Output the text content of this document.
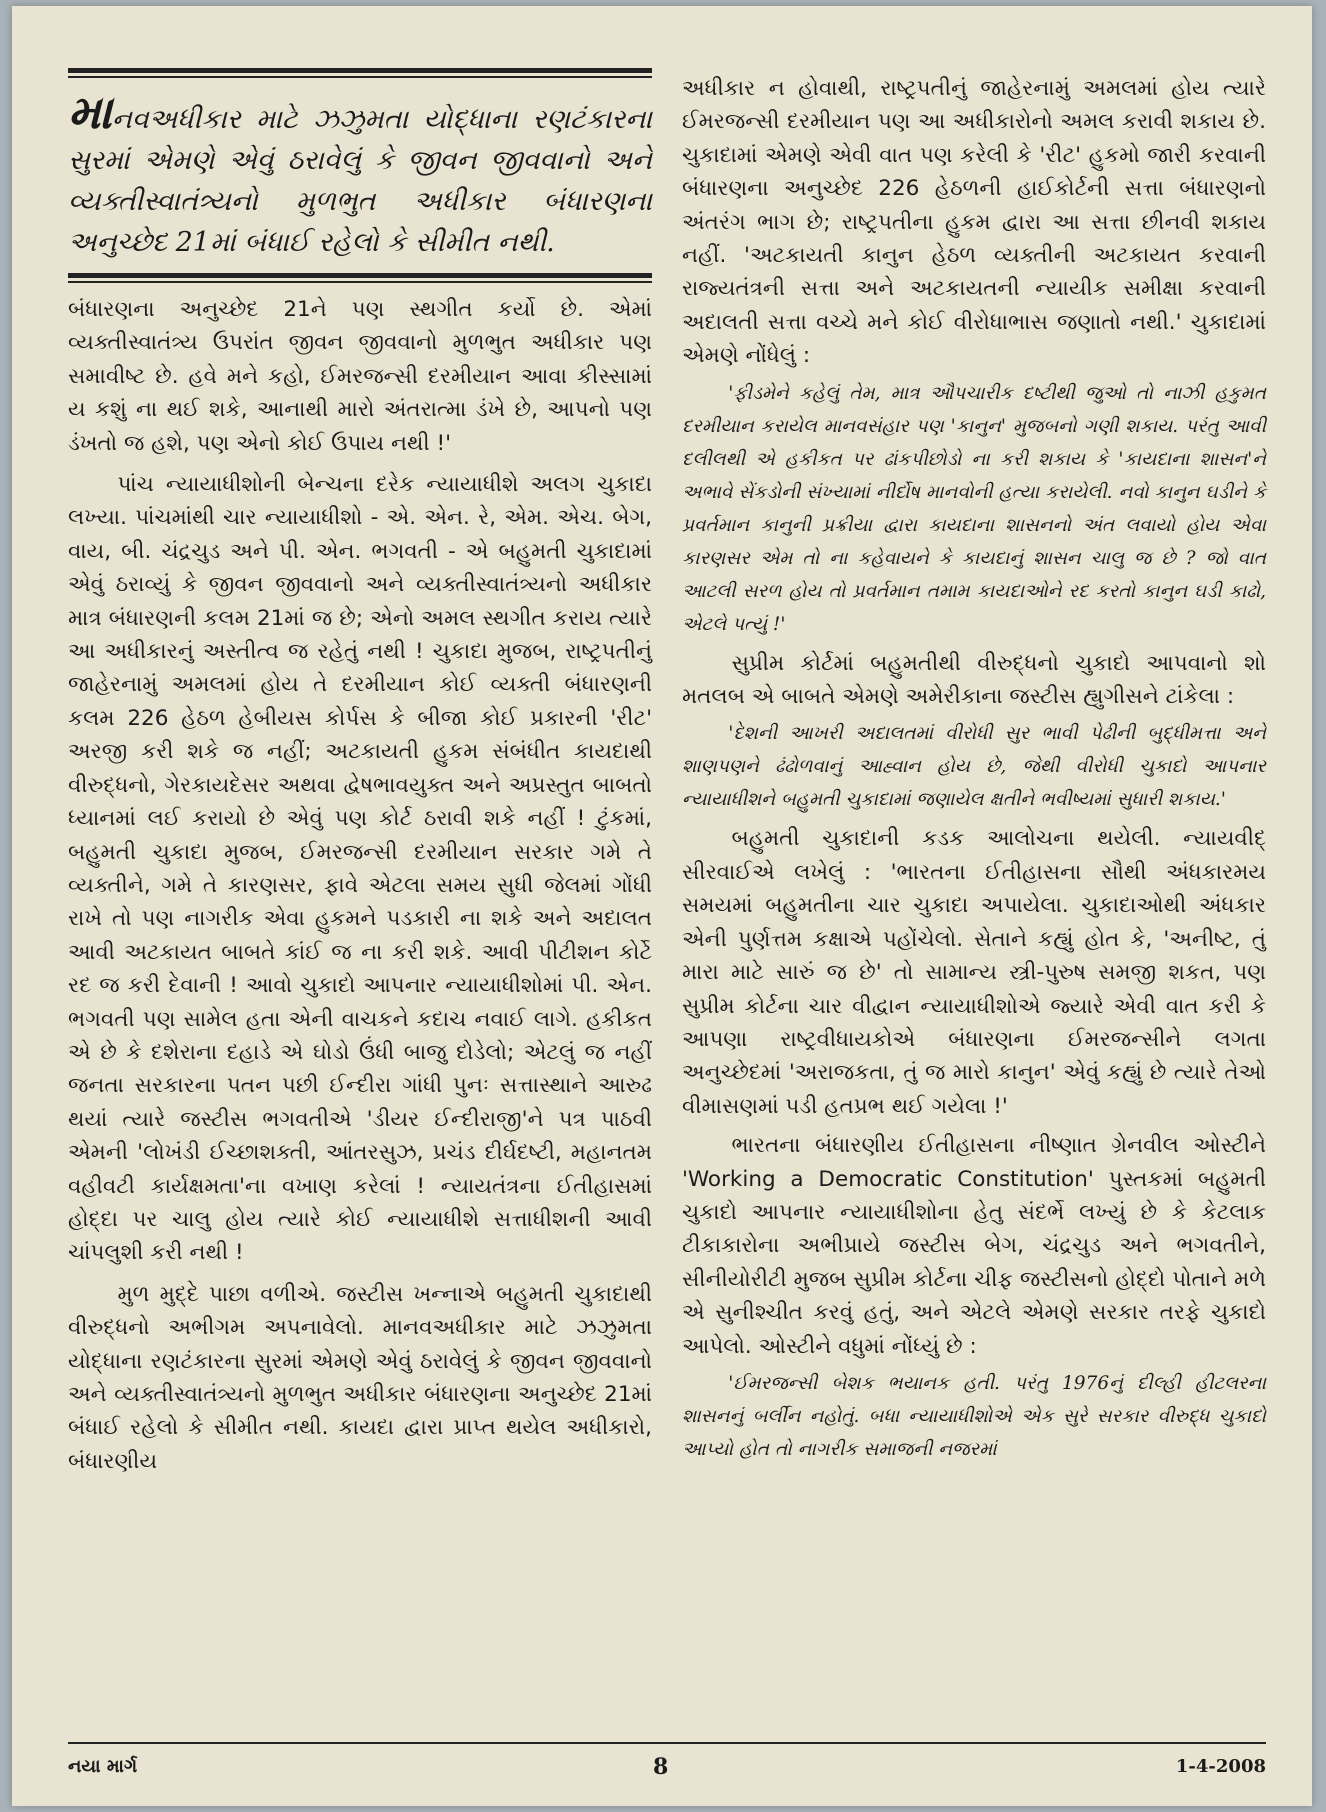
માનવઅધીકાર માટે ઝઝુમતા યોદ્ધાના રણટંકારના સુરમાં એમણે એવું ઠરાવેલું કે જીવન જીવવાનો અને વ્યક્તીસ્વાતંત્ર્યનો મુળભુત અધીકાર બંધારણના અનુચ્છેદ 21માં બંધાઈ રહેલો કે સીમીત નથી.

બંધારણના અનુચ્છેદ 21ને પણ સ્થગીત કર્યો છે. એમાં વ્યક્તીસ્વાતંત્ર્ય ઉપરાંત જીવન જીવવાનો મુળભુત અધીકાર પણ સમાવીષ્ટ છે. હવે મને કહો, ઈમરજન્સી દરમીયાન આવા કીસ્સામાં ય કશું ના થઈ શકે, આનાથી મારો અંતરાત્મા ડંખે છે, આપનો પણ ડંખતો જ હશે, પણ એનો કોઈ ઉપાય નથી !'

પાંચ ન્યાયાધીશોની બેન્ચના દરેક ન્યાયાધીશે અલગ ચુકાદા લખ્યા. પાંચમાંથી ચાર ન્યાયાધીશો - એ. એન. રે, એમ. એચ. બેગ, વાય, બી. ચંદ્રચુડ અને પી. એન. ભગવતી - એ બહુમતી ચુકાદામાં એવું ઠરાવ્યું કે જીવન જીવવાનો અને વ્યક્તીસ્વાતંત્ર્યનો અધીકાર માત્ર બંધારણની કલમ 21માં જ છે; એનો અમલ સ્થગીત કરાય ત્યારે આ અધીકારનું અસ્તીત્વ જ રહેતું નથી ! ચુકાદા મુજબ, રાષ્ટ્રપતીનું જાહેરનામું અમલમાં હોય તે દરમીયાન કોઈ વ્યક્તી બંધારણની કલમ 226 હેઠળ હેબીયસ કોર્પસ કે બીજા કોઈ પ્રકારની 'રીટ' અરજી કરી શકે જ નહીં; અટકાયતી હુકમ સંબંધીત કાયદાથી વીરુદ્ધનો, ગેરકાયદેસર અથવા દ્વેષભાવયુક્ત અને અપ્રસ્તુત બાબતો ધ્યાનમાં લઈ કરાયો છે એવું પણ કોર્ટ ઠરાવી શકે નહીં ! ટુંકમાં, બહુમતી ચુકાદા મુજબ, ઈમરજન્સી દરમીયાન સરકાર ગમે તે વ્યક્તીને, ગમે તે કારણસર, ફાવે એટલા સમય સુધી જેલમાં ગોંધી રાખે તો પણ નાગરીક એવા હુકમને પડકારી ના શકે અને અદાલત આવી અટકાયત બાબતે કાંઈ જ ના કરી શકે. આવી પીટીશન કોર્ટે રદ જ કરી દેવાની ! આવો ચુકાદો આપનાર ન્યાયાધીશોમાં પી. એન. ભગવતી પણ સામેલ હતા એની વાચકને કદાચ નવાઈ લાગે. હકીકત એ છે કે દશેરાના દહાડે એ ઘોડો ઉંધી બાજુ દોડેલો; એટલું જ નહીં જનતા સરકારના પતન પછી ઈન્દીરા ગાંધી પુનઃ સત્તાસ્થાને આરુઢ થયાં ત્યારે જસ્ટીસ ભગવતીએ 'ડીયર ઈન્દીરાજી'ને પત્ર પાઠવી એમની 'લોખંડી ઈચ્છાશક્તી, આંતરસુઝ, પ્રચંડ દીર્ઘદષ્ટી, મહાનતમ વહીવટી કાર્યક્ષમતા'ના વખાણ કરેલાં ! ન્યાયતંત્રના ઈતીહાસમાં હોદ્દા પર ચાલુ હોય ત્યારે કોઈ ન્યાયાધીશે સત્તાધીશની આવી ચાંપલુશી કરી નથી !

મુળ મુદ્દે પાછા વળીએ. જસ્ટીસ ખન્નાએ બહુમતી ચુકાદાથી વીરુદ્ધનો અભીગમ અપનાવેલો. માનવઅધીકાર માટે ઝઝુમતા યોદ્ધાના રણટંકારના સુરમાં એમણે એવું ઠરાવેલું કે જીવન જીવવાનો અને વ્યક્તીસ્વાતંત્ર્યનો મુળભુત અધીકાર બંધારણના અનુચ્છેદ 21માં બંધાઈ રહેલો કે સીમીત નથી. કાયદા દ્વારા પ્રાપ્ત થયેલ અધીકારો, બંધારણીય

અધીકાર ન હોવાથી, રાષ્ટ્રપતીનું જાહેરનામું અમલમાં હોય ત્યારે ઈમરજન્સી દરમીયાન પણ આ અધીકારોનો અમલ કરાવી શકાય છે. ચુકાદામાં એમણે એવી વાત પણ કરેલી કે 'રીટ' હુકમો જારી કરવાની બંધારણના અનુચ્છેદ 226 હેઠળની હાઈકોર્ટની સત્તા બંધારણનો અંતરંગ ભાગ છે; રાષ્ટ્રપતીના હુકમ દ્વારા આ સત્તા છીનવી શકાય નહીં. 'અટકાયતી કાનુન હેઠળ વ્યક્તીની અટકાયત કરવાની રાજ્યતંત્રની સત્તા અને અટકાયતની ન્યાયીક સમીક્ષા કરવાની અદાલતી સત્તા વચ્ચે મને કોઈ વીરોધાભાસ જણાતો નથી.' ચુકાદામાં એમણે નોંધેલું :

'ફીડમેને કહેલું તેમ, માત્ર ઔપચારીક દષ્ટીથી જુઓ તો નાઝી હકુમત દરમીયાન કરાયેલ માનવસંહાર પણ 'કાનુન' મુજબનો ગણી શકાય. પરંતુ આવી દલીલથી એ હકીકત પર ઢાંકપીછોડો ના કરી શકાય કે 'કાયદાના શાસન'ને અભાવે સેંકડોની સંખ્યામાં નીર્દોષ માનવોની હત્યા કરાયેલી. નવો કાનુન ઘડીને કે પ્રવર્તમાન કાનુની પ્રક્રીયા દ્વારા કાયદાના શાસનનો અંત લવાયો હોય એવા કારણસર એમ તો ના કહેવાયને કે કાયદાનું શાસન ચાલુ જ છે ? જો વાત આટલી સરળ હોય તો પ્રવર્તમાન તમામ કાયદાઓને રદ કરતો કાનુન ઘડી કાઢો, એટલે પત્યું !'

સુપ્રીમ કોર્ટમાં બહુમતીથી વીરુદ્ધનો ચુકાદો આપવાનો શો મતલબ એ બાબતે એમણે અમેરીકાના જસ્ટીસ હ્યુગીસને ટાંકેલા :

'દેશની આખરી અદાલતમાં વીરોધી સુર ભાવી પેઢીની બુદ્ધીમત્તા અને શાણપણને ઢંઢોળવાનું આહ્વાન હોય છે, જેથી વીરોધી ચુકાદો આપનાર ન્યાયાધીશને બહુમતી ચુકાદામાં જણાયેલ ક્ષતીને ભવીષ્યમાં સુધારી શકાય.'

બહુમતી ચુકાદાની કડક આલોચના થયેલી. ન્યાયવીદ્ સીરવાઈએ લખેલું : 'ભારતના ઈતીહાસના સૌથી અંધકારમય સમયમાં બહુમતીના ચાર ચુકાદા અપાયેલા. ચુકાદાઓથી અંધકાર એની પુર્ણત્તમ કક્ષાએ પહોંચેલો. સેતાને કહ્યું હોત કે, 'અનીષ્ટ, તું મારા માટે સારું જ છે' તો સામાન્ય સ્ત્રી-પુરુષ સમજી શકત, પણ સુપ્રીમ કોર્ટના ચાર વીદ્વાન ન્યાયાધીશોએ જ્યારે એવી વાત કરી કે આપણા રાષ્ટ્રવીધાયકોએ બંધારણના ઈમરજન્સીને લગતા અનુચ્છેદમાં 'અરાજકતા, તું જ મારો કાનુન' એવું કહ્યું છે ત્યારે તેઓ વીમાસણમાં પડી હતપ્રભ થઈ ગયેલા !'

ભારતના બંધારણીય ઈતીહાસના નીષ્ણાત ગ્રેનવીલ ઓસ્ટીને 'Working a Democratic Constitution' પુસ્તકમાં બહુમતી ચુકાદો આપનાર ન્યાયાધીશોના હેતુ સંદર્ભે લખ્યું છે કે કેટલાક ટીકાકારોના અભીપ્રાયે જસ્ટીસ બેગ, ચંદ્રચુડ અને ભગવતીને, સીનીયોરીટી મુજબ સુપ્રીમ કોર્ટના ચીફ જસ્ટીસનો હોદ્દો પોતાને મળે એ સુનીશ્ચીત કરવું હતું, અને એટલે એમણે સરકાર તરફે ચુકાદો આપેલો. ઓસ્ટીને વધુમાં નોંધ્યું છે :

'ઈમરજન્સી બેશક ભયાનક હતી. પરંતુ 1976નું દીલ્હી હીટલરના શાસનનું બર્લીન નહોતું. બધા ન્યાયાધીશોએ એક સુરે સરકાર વીરુદ્ધ ચુકાદો આપ્યો હોત તો નાગરીક સમાજની નજરમાં

નયા માર્ગ	8	1-4-2008
